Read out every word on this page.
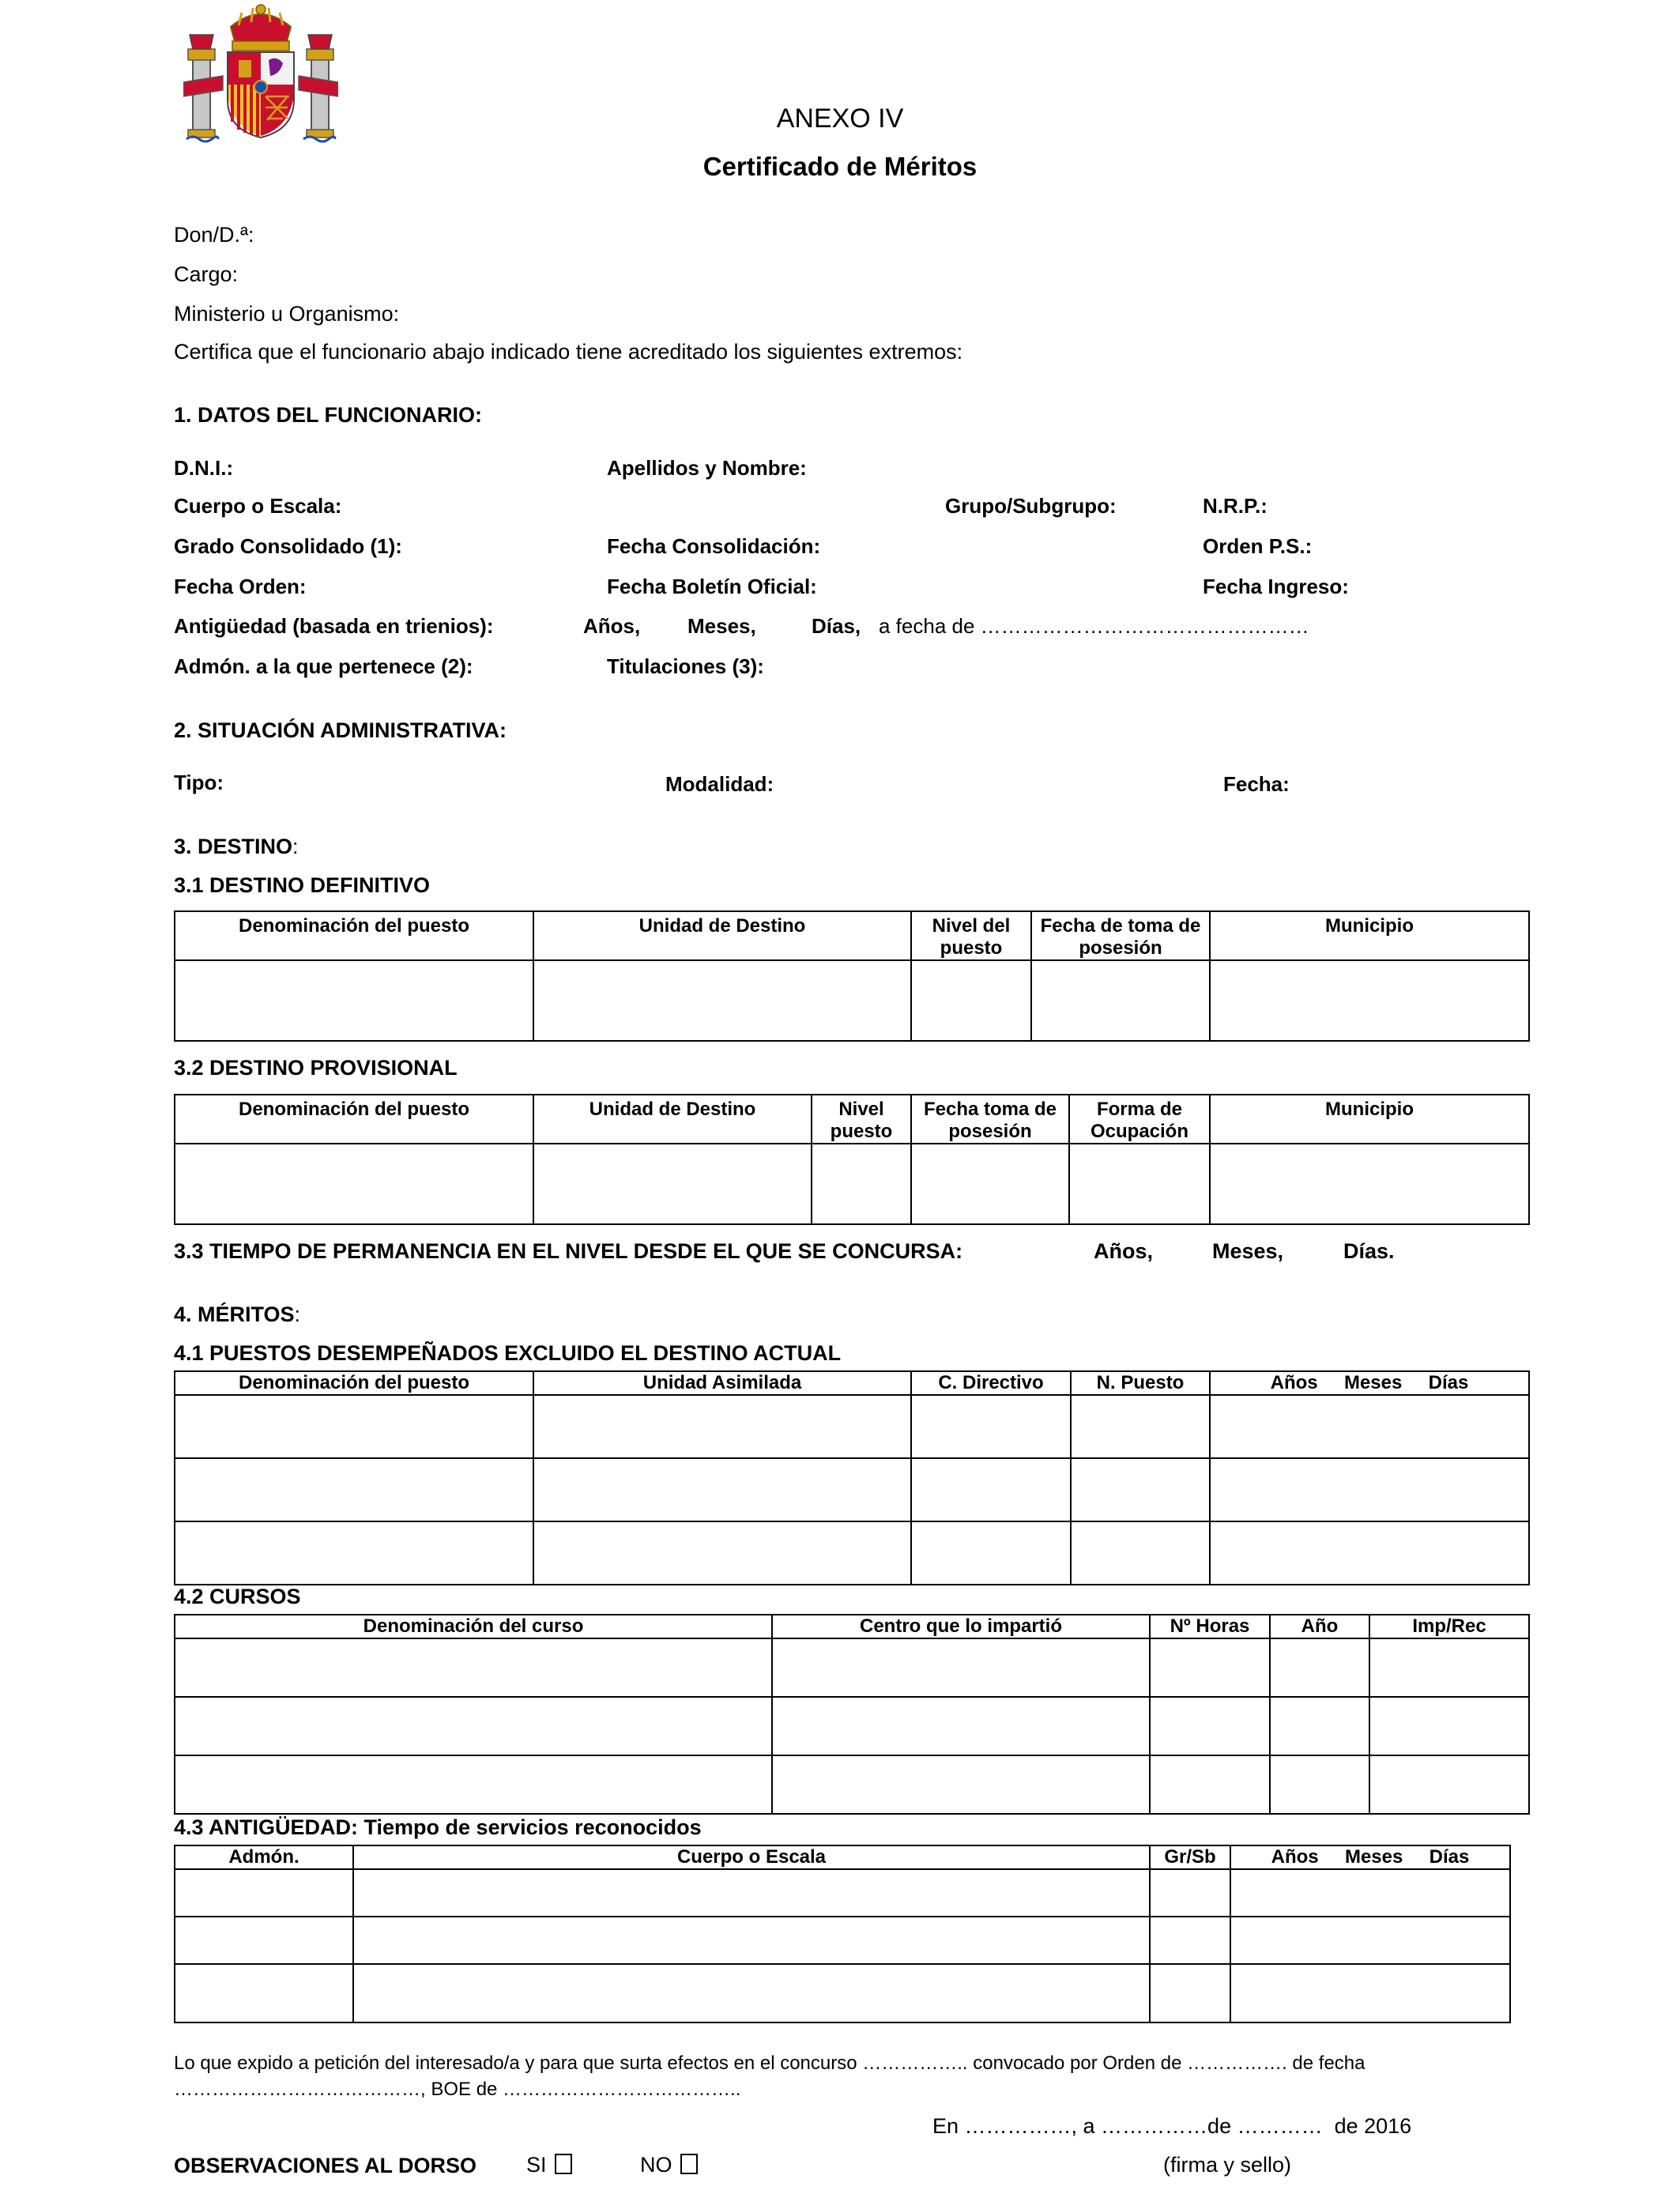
ANEXO IV
Certificado de Méritos
Don/D.ª:
Cargo:
Ministerio u Organismo:
Certifica que el funcionario abajo indicado tiene acreditado los siguientes extremos:
1. DATOS DEL FUNCIONARIO:
D.N.I.:	Apellidos y Nombre:
Cuerpo o Escala:	Grupo/Subgrupo:	N.R.P.:
Grado Consolidado (1):	Fecha Consolidación:	Orden P.S.:
Fecha Orden:	Fecha Boletín Oficial:	Fecha Ingreso:
Antigüedad (basada en trienios):	Años, Meses,	Días, a fecha de …………………………………………
Admón. a la que pertenece (2):	Titulaciones (3):
2. SITUACIÓN ADMINISTRATIVA:
Tipo:	Modalidad:	Fecha:
3. DESTINO:
3.1 DESTINO DEFINITIVO
Denominación del puesto	Unidad de Destino	Nivel del puesto	Fecha de toma de posesión	Municipio

3.2 DESTINO PROVISIONAL
Denominación del puesto	Unidad de Destino	Nivel puesto	Fecha toma de posesión	Forma de Ocupación	Municipio

3.3 TIEMPO DE PERMANENCIA EN EL NIVEL DESDE EL QUE SE CONCURSA:	Años,	Meses,	Días.
4. MÉRITOS:
4.1 PUESTOS DESEMPEÑADOS EXCLUIDO EL DESTINO ACTUAL
Denominación del puesto	Unidad Asimilada	C. Directivo	N. Puesto	Años     Meses     Días

4.2 CURSOS
Denominación del curso	Centro que lo impartió	Nº Horas	Año	Imp/Rec

4.3 ANTIGÜEDAD: Tiempo de servicios reconocidos
Admón.	Cuerpo o Escala	Gr/Sb	Años     Meses     Días

Lo que expido a petición del interesado/a y para que surta efectos en el concurso …………….. convocado por Orden de ……………. de fecha
…………………………………, BOE de ………………………………..
En ……………, a ……………de …………  de 2016
OBSERVACIONES AL DORSO SI	NO	(firma y sello)
